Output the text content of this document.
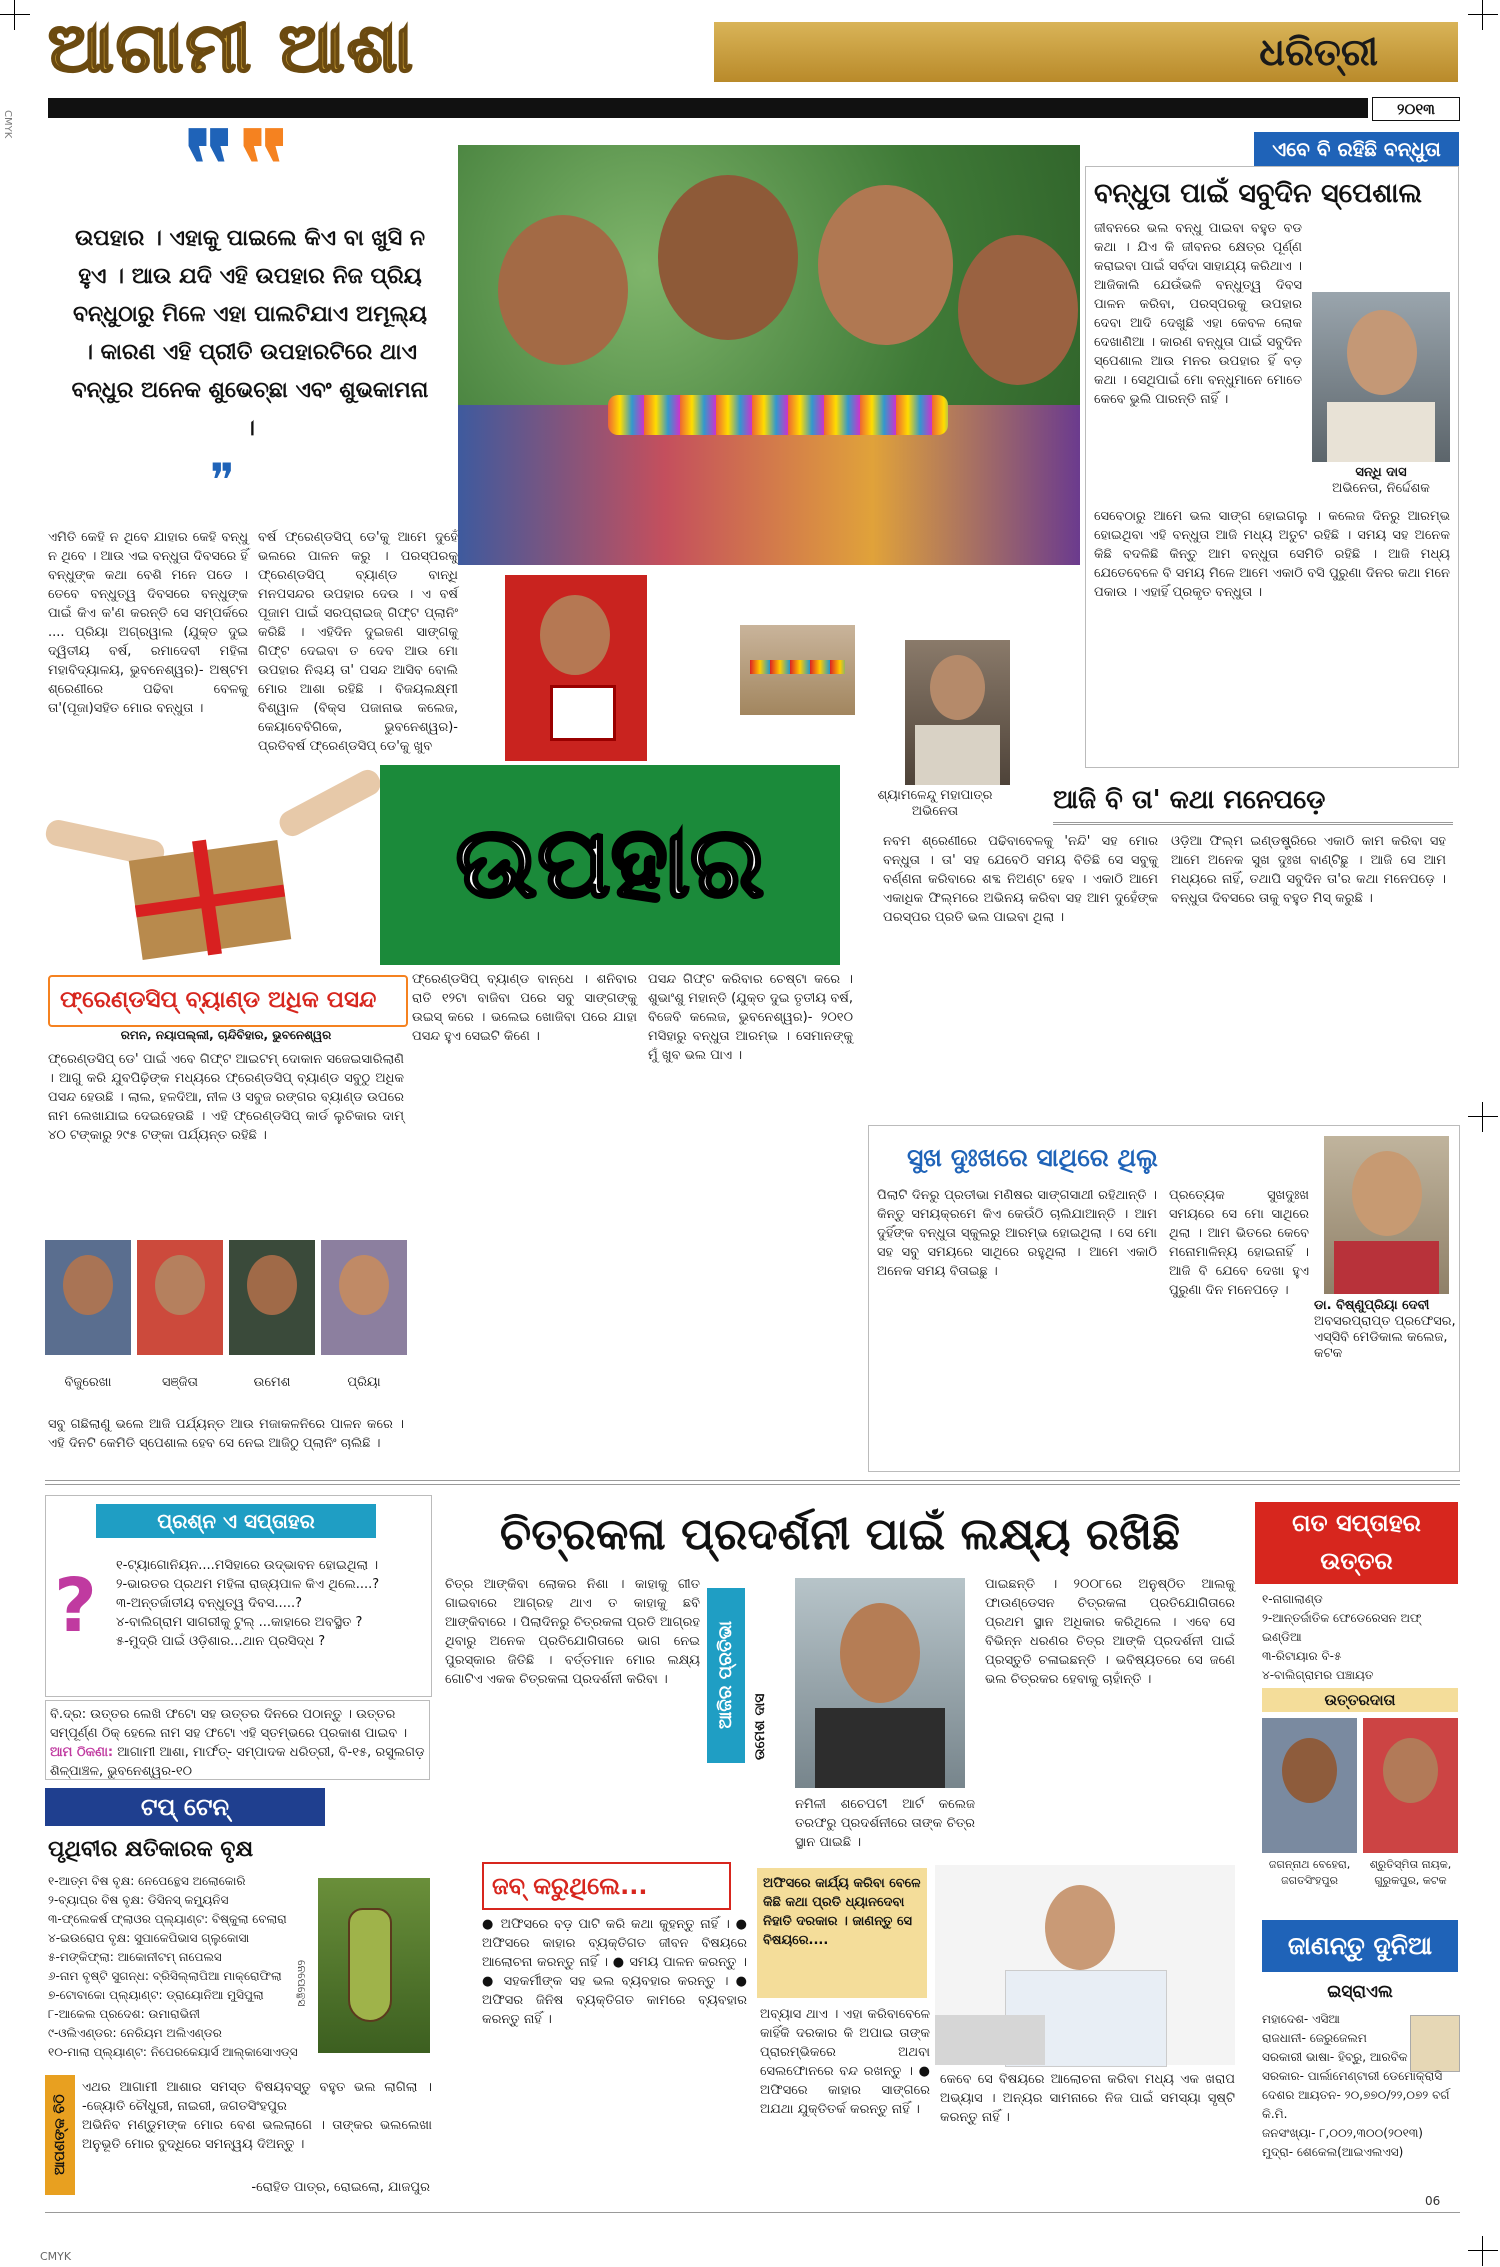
CMYK
CMYK
ଆଗାମୀ ଆଶା	ଧରିତ୍ରୀ
୨୦୧୩
❞ ❞
ଉପହାର । ଏହାକୁ ପାଇଲେ କିଏ ବା ଖୁସି ନ ହୁଏ । ଆଉ ଯଦି ଏହି ଉପହାର ନିଜ ପ୍ରିୟ ବନ୍ଧୁଠାରୁ ମିଳେ ଏହା ପାଲଟିଯାଏ ଅମୂଲ୍ୟ । କାରଣ ଏହି ପ୍ରୀତି ଉପହାରଟିରେ ଥାଏ ବନ୍ଧୁର ଅନେକ ଶୁଭେଚ୍ଛା ଏବଂ ଶୁଭକାମନା ।
❞
ଏମିତି କେହି ନ ଥିବେ ଯାହାର କେହି ବନ୍ଧୁ ନ ଥିବେ । ଆଉ ଏଇ ବନ୍ଧୁତା ଦିବସରେ ହିଁ ବନ୍ଧୁଙ୍କ କଥା ବେଶି ମନେ ପଡେ । ତେବେ ବନ୍ଧୁତ୍ୱ ଦିବସରେ ବନ୍ଧୁଙ୍କ ପାଇଁ କିଏ କ'ଣ କରନ୍ତି ସେ ସମ୍ପର୍କରେ .... ପ୍ରିୟା ଅଗ୍ରୱାଲ (ଯୁକ୍ତ ଦୁଇ ଦ୍ୱିତୀୟ ବର୍ଷ, ରମାଦେବୀ ମହିଳା ମହାବିଦ୍ୟାଳୟ, ଭୁବନେଶ୍ୱର)- ଅଷ୍ଟମ ଶ୍ରେଣୀରେ ପଢିବା ବେଳକୁ ତା'(ପୂଜା)ସହିତ ମୋର ବନ୍ଧୁତା ।
ବର୍ଷ ଫ୍ରେଣ୍ଡସିପ୍ ଡେ'କୁ ଆମେ ଦୁହେଁ ଭଲରେ ପାଳନ କରୁ । ପରସ୍ପରକୁ ଫ୍ରେଣ୍ଡସିପ୍ ବ୍ୟାଣ୍ଡ ବାନ୍ଧି ମନପସନ୍ଦର ଉପହାର ଦେଉ । ଏ ବର୍ଷ ପୂଜାମ ପାଇଁ ସରପ୍ରାଇଜ୍ ଗିଫ୍ଟ ପ୍ଲାନିଂ କରିଛି । ଏହିଦିନ ଦୁଇଜଣ ସାଙ୍ଗକୁ ଗିଫ୍ଟ ଦେଇବା ତ ଦେବ ଆଉ ମୋ ଉପହାର ନିଶ୍ଚୟ ତା' ପସନ୍ଦ ଆସିବ ବୋଲି ମୋର ଆଶା ରହିଛି । ବିଜୟଲକ୍ଷ୍ମୀ ବିଶ୍ୱାଳ (ବିକ୍ସ ପଜାନାଭ କଲେଜ, କେୟାବେବିଗିକେ, ଭୁବନେଶ୍ୱର)- ପ୍ରତିବର୍ଷ ଫ୍ରେଣ୍ଡସିପ୍ ଡେ'କୁ ଖୁବ
ଶ୍ୟାମଳେନ୍ଦୁ ମହାପାତ୍ର
ଅଭିନେତା
ଉପହାର
ଏବେ ବି ରହିଛି ବନ୍ଧୁତା
ବନ୍ଧୁତା ପାଇଁ ସବୁଦିନ ସ୍ପେଶାଲ
ଜୀବନରେ ଭଲ ବନ୍ଧୁ ପାଇବା ବହୁତ ବଡ କଥା । ଯିଏ କି ଜୀବନର କ୍ଷେତ୍ର ପୂର୍ଣ୍ଣ କରାଇବା ପାଇଁ ସର୍ବଦା ସାହାଯ୍ୟ କରିଥାଏ । ଆଜିକାଲି ଯେଉଁଭଳି ବନ୍ଧୁତ୍ୱ ଦିବସ ପାଳନ କରିବା, ପରସ୍ପରକୁ ଉପହାର ଦେବା ଆଦି ଦେଖୁଛି ଏହା କେବଳ ଲୋକ ଦେଖାଣିଆ । କାରଣ ବନ୍ଧୁତା ପାଇଁ ସବୁଦିନ ସ୍ପେଶାଲ ଆଉ ମନର ଉପହାର ହିଁ ବଡ଼ କଥା । ସେଥିପାଇଁ ମୋ ବନ୍ଧୁମାନେ ମୋତେ କେବେ ଭୁଲି ପାରନ୍ତି ନାହିଁ ।
ସନ୍ଧି ଦାସ
ଅଭିନେତା, ନିର୍ଦ୍ଦେଶକ
ସେବେଠାରୁ ଆମେ ଭଲ ସାଙ୍ଗ ହୋଇଗଲୁ । କଲେଜ ଦିନରୁ ଆରମ୍ଭ ହୋଇଥିବା ଏହି ବନ୍ଧୁତା ଆଜି ମଧ୍ୟ ଅତୁଟ ରହିଛି । ସମୟ ସହ ଅନେକ କିଛି ବଦଳିଛି କିନ୍ତୁ ଆମ ବନ୍ଧୁତା ସେମିତି ରହିଛି । ଆଜି ମଧ୍ୟ ଯେତେବେଳେ ବି ସମୟ ମିଳେ ଆମେ ଏକାଠି ବସି ପୁରୁଣା ଦିନର କଥା ମନେ ପକାଉ । ଏହାହିଁ ପ୍ରକୃତ ବନ୍ଧୁତା ।
ଆଜି ବି ତା' କଥା ମନେପଡ଼େ
ନବମ ଶ୍ରେଣୀରେ ପଢିବାବେଳକୁ 'ନନ୍ଦି' ସହ ମୋର ବନ୍ଧୁତା । ତା' ସହ ଯେବେଠି ସମୟ ବିତିଛି ସେ ସବୁକୁ ବର୍ଣ୍ଣନା କରିବାରେ ଶବ୍ଦ ନିଅଣ୍ଟ ହେବ । ଏକାଠି ଆମେ ଏକାଧିକ ଫିଲ୍ମରେ ଅଭିନୟ କରିବା ସହ ଆମ ଦୁହେଁଙ୍କ ପରସ୍ପର ପ୍ରତି ଭଲ ପାଇବା ଥିଲା ।
ଓଡ଼ିଆ ଫିଲ୍ମ ଇଣ୍ଡଷ୍ଟ୍ରିରେ ଏକାଠି କାମ କରିବା ସହ ଆମେ ଅନେକ ସୁଖ ଦୁଃଖ ବାଣ୍ଟିଛୁ । ଆଜି ସେ ଆମ ମଧ୍ୟରେ ନାହିଁ, ତଥାପି ସବୁଦିନ ତା'ର କଥା ମନେପଡ଼େ । ବନ୍ଧୁତା ଦିବସରେ ତାକୁ ବହୁତ ମିସ୍ କରୁଛି ।
ସୁଖ ଦୁଃଖରେ ସାଥିରେ ଥିଲୁ
ପିଲାଟି ଦିନରୁ ପ୍ରତୀଭା ମଣିଷର ସାଙ୍ଗସାଥୀ ରହିଥାନ୍ତି । କିନ୍ତୁ ସମୟକ୍ରମେ କିଏ କେଉଁଠି ଚାଲିଯାଆନ୍ତି । ଆମ ଦୁହିଁଙ୍କ ବନ୍ଧୁତା ସ୍କୁଲରୁ ଆରମ୍ଭ ହୋଇଥିଲା । ସେ ମୋ ସହ ସବୁ ସମୟରେ ସାଥିରେ ରହୁଥିଲା । ଆମେ ଏକାଠି ଅନେକ ସମୟ ବିତାଇଛୁ ।
ପ୍ରତ୍ୟେକ ସୁଖଦୁଃଖ ସମୟରେ ସେ ମୋ ସାଥିରେ ଥିଲା । ଆମ ଭିତରେ କେବେ ମନୋମାଳିନ୍ୟ ହୋଇନାହିଁ । ଆଜି ବି ଯେବେ ଦେଖା ହୁଏ ପୁରୁଣା ଦିନ ମନେପଡ଼େ ।
ଡା. ବିଷ୍ଣୁପ୍ରିୟା ଦେବୀ
ଅବସରପ୍ରାପ୍ତ ପ୍ରଫେସର, ଏସ୍‌ସିବି ମେଡିକାଲ କଲେଜ, କଟକ
ଫ୍ରେଣ୍ଡସିପ୍ ବ୍ୟାଣ୍ଡ ଅଧିକ ପସନ୍ଦ
ରମନ, ନୟାପଲ୍ଲୀ, ଚାନ୍ଦିବିହାର, ଭୁବନେଶ୍ୱର
ଫ୍ରେଣ୍ଡସିପ୍ ଡେ' ପାଇଁ ଏବେ ଗିଫ୍ଟ ଆଇଟମ୍ ଦୋକାନ ସଜେଇସାରିଲାଣି । ଆଗୁ କରି ଯୁବପିଢ଼ିଙ୍କ ମଧ୍ୟରେ ଫ୍ରେଣ୍ଡସିପ୍ ବ୍ୟାଣ୍ଡ ସବୁଠୁ ଅଧିକ ପସନ୍ଦ ହେଉଛି । ଲାଲ, ହଳଦିଆ, ନୀଳ ଓ ସବୁଜ ରଙ୍ଗର ବ୍ୟାଣ୍ଡ ଉପରେ ନାମ ଲେଖାଯାଇ ଦେଇହେଉଛି । ଏହି ଫ୍ରେଣ୍ଡସିପ୍ କାର୍ଡ ଲୁଚିକାର ଦାମ୍ ୪୦ ଟଙ୍କାରୁ ୨୯୫ ଟଙ୍କା ପର୍ଯ୍ୟନ୍ତ ରହିଛି ।
ଫ୍ରେଣ୍ଡସିପ୍ ବ୍ୟାଣ୍ଡ ବାନ୍ଧେ । ଶନିବାର ରାତି ୧୨ଟା ବାଜିବା ପରେ ସବୁ ସାଙ୍ଗଙ୍କୁ ଉଇସ୍ କରେ । ଭଲେଇ ଖୋଜିବା ପରେ ଯାହା ପସନ୍ଦ ହୁଏ ସେଇଟି କିଣେ ।
ପସନ୍ଦ ଗିଫ୍ଟ କରିବାର ଚେଷ୍ଟା କରେ । ଶୁଭାଂଶୁ ମହାନ୍ତି (ଯୁକ୍ତ ଦୁଇ ତୃତୀୟ ବର୍ଷ, ବିଜେବି କଲେଜ, ଭୁବନେଶ୍ୱର)- ୨୦୧୦ ମସିହାରୁ ବନ୍ଧୁତା ଆରମ୍ଭ । ସେମାନଙ୍କୁ ମୁଁ ଖୁବ ଭଲ ପାଏ ।
ବିଜୁରେଖା	ସଞ୍ଜିତା	ଉମେଶ	ପ୍ରିୟା
ସବୁ ଗଛିଲାଣୁ ଭଲେ ଆଜି ପର୍ଯ୍ୟନ୍ତ ଆଉ ମଜାକଳନିରେ ପାଳନ କରେ । ଏହି ଦିନଟି କେମିତି ସ୍ପେଶାଲ ହେବ ସେ ନେଇ ଆଜିଠୁ ପ୍ଲାନିଂ ଚାଲିଛି ।
ପ୍ରଶ୍ନ ଏ ସପ୍ତାହର
? ୧-ଟ୍ୟାଗୋନିୟନ....ମସିହାରେ ଉଦ୍ଭାବନ ହୋଇଥିଲା ।
୨-ଭାରତର ପ୍ରଥମ ମହିଳା ରାଜ୍ୟପାଳ କିଏ ଥିଲେ....?
୩-ଅନ୍ତର୍ଜାତୀୟ ବନ୍ଧୁତ୍ୱ ଦିବସ.....?
୪-ବାଲିଗ୍ରାମ ସାଗରୀକୁ ଟୁଲ୍ ...କାହାରେ ଅବସ୍ଥିତ ?
୫-ମୁଦ୍ରି ପାଇଁ ଓଡ଼ିଶାର...ଥାନ ପ୍ରସିଦ୍ଧ ?
ବି.ଦ୍ର: ଉତ୍ତର ଲେଖି ଫଟୋ ସହ ଉତ୍ତର ଦିନରେ ପଠାନ୍ତୁ । ଉତ୍ତର ସମ୍ପୂର୍ଣ୍ଣ ଠିକ୍ ହେଲେ ନାମ ସହ ଫଟୋ ଏହି ସ୍ତମ୍ଭରେ ପ୍ରକାଶ ପାଇବ ।
ଆମ ଠିକଣା: ଆଗାମୀ ଆଶା, ମାର୍ଫତ୍- ସମ୍ପାଦକ ଧରିତ୍ରୀ, ବି-୧୫, ରସୁଲଗଡ଼ ଶିଳ୍ପାଞ୍ଚଳ, ଭୁବନେଶ୍ୱର-୧୦
ଟପ୍ ଟେନ୍
ପୃଥିବୀର କ୍ଷତିକାରକ ବୃକ୍ଷ
୧-ଆତ୍ମ ବିଷ ବୃକ୍ଷ: ନେପେନ୍ଥେସ ଅଲୋକୋରି
୨-ବ୍ୟାଘ୍ର ବିଷ ବୃକ୍ଷ: ଡିସିନସ୍ କମ୍ୟୁନିସ
୩-ଫ୍ଲେକର୍ଷ ଫ୍ଲାଓର ପ୍ଲ୍ୟାଣ୍ଟ: ବିଷ୍କୁଲା ବେଲାରା
୪-ଇଉରୋପ ବୃକ୍ଷ: ସୁପାକେପିଭାସ ଗ୍ଲୁକୋସା
୫-ମଙ୍କିଫ୍ଲା: ଆକୋନୀଟମ୍ ନାପେଲସ
୬-ନାମ ବୃଷ୍ଟି ସୁଗନ୍ଧ: ବ୍ରିସିଲ୍ଲାପିଆ ମାକ୍ରୋଫିଲା
୭-ଟୋବାକୋ ପ୍ଲ୍ୟାଣ୍ଟ: ଡ୍ରାୟୋନିଆ ମୁସିପୁଲା
୮-ଆକେଲ ପ୍ରଦେଶ: ଉମାରାଭିନୀ
୯-ଓଲିଏଣ୍ଡର: ନେରିୟମ ଅଲିଏଣ୍ଡର
୧୦-ମାଲା ପ୍ଲ୍ୟାଣ୍ଟ: ନିପେରକେୟାର୍ସ ଆଲ୍କାସୋଏଡ୍ସ
ନେପେନ୍ଥେସ
ଆପଣଙ୍କ ଚିଠି
ଏଥର ଆଗାମୀ ଆଶାର ସମସ୍ତ ବିଷୟବସ୍ତୁ ବହୁତ ଭଲ ଲାଗିଲା । -ଜ୍ୟୋତି ଚୌଧୁରୀ, ନାଇରୀ, ଜଗତସିଂହପୁର
ଅଭିନିବ ମଣ୍ଡୁମଙ୍କ ମୋର ବେଶ ଭଲଲାଗେ । ତାଙ୍କର ଭଲଲେଖା ଅନୁଭୂତି ମୋର ବୁଦ୍ଧିରେ ସମନ୍ୱୟ ଦିଅନ୍ତୁ ।
-ରୋହିତ ପାତ୍ର, ରୋଇଲୋ, ଯାଜପୁର
ଚିତ୍ରକଳା ପ୍ରଦର୍ଶନୀ ପାଇଁ ଲକ୍ଷ୍ୟ ରଖିଛି
ଚିତ୍ର ଆଙ୍କିବା ଲୋକର ନିଶା । କାହାକୁ ଗୀତ ଗାଇବାରେ ଆଗ୍ରହ ଥାଏ ତ କାହାକୁ ଛବି ଆଙ୍କିବାରେ । ପିଲାଦିନରୁ ଚିତ୍ରକଳା ପ୍ରତି ଆଗ୍ରହ ଥିବାରୁ ଅନେକ ପ୍ରତିଯୋଗିତାରେ ଭାଗ ନେଇ ପୁରସ୍କାର ଜିତିଛି । ବର୍ତ୍ତମାନ ମୋର ଲକ୍ଷ୍ୟ ଗୋଟିଏ ଏକକ ଚିତ୍ରକଳା ପ୍ରଦର୍ଶନୀ କରିବା ।	ଆଜିର ପ୍ରତିଭା	ଉମେଶ ଦାସ
ନମିଳୀ ଶଚେପଟୀ ଆର୍ଟ କଲେଜ ତରଫରୁ ପ୍ରଦର୍ଶନୀରେ ତାଙ୍କ ଚିତ୍ର ସ୍ଥାନ ପାଇଛି ।
ପାଇଛନ୍ତି । ୨୦୦୮ରେ ଅନୁଷ୍ଠିତ ଆଲକୁ ଫାଉଣ୍ଡେସନ ଚିତ୍ରକଳା ପ୍ରତିଯୋଗିତାରେ ପ୍ରଥମ ସ୍ଥାନ ଅଧିକାର କରିଥିଲେ । ଏବେ ସେ ବିଭିନ୍ନ ଧରଣର ଚିତ୍ର ଆଙ୍କି ପ୍ରଦର୍ଶନୀ ପାଇଁ ପ୍ରସ୍ତୁତି ଚଳାଇଛନ୍ତି । ଭବିଷ୍ୟତରେ ସେ ଜଣେ ଭଲ ଚିତ୍ରକର ହେବାକୁ ଚାହାଁନ୍ତି ।
ଜବ୍ କରୁଥିଲେ...	ଅଫିସରେ କାର୍ଯ୍ୟ କରିବା ବେଳେ କିଛି କଥା ପ୍ରତି ଧ୍ୟାନଦେବା ନିହାତି ଦରକାର । ଜାଣନ୍ତୁ ସେ ବିଷୟରେ....
● ଅଫିସରେ ବଡ଼ ପାଟି କରି କଥା କୁହନ୍ତୁ ନାହିଁ । ● ଅଫିସରେ କାହାର ବ୍ୟକ୍ତିଗତ ଜୀବନ ବିଷୟରେ ଆଲୋଚନା କରନ୍ତୁ ନାହିଁ । ● ସମୟ ପାଳନ କରନ୍ତୁ । ● ସହକର୍ମୀଙ୍କ ସହ ଭଲ ବ୍ୟବହାର କରନ୍ତୁ । ● ଅଫିସର ଜିନିଷ ବ୍ୟକ୍ତିଗତ କାମରେ ବ୍ୟବହାର କରନ୍ତୁ ନାହିଁ ।	ଅବ୍ୟାସ ଥାଏ । ଏହା କରିବାବେଳେ କାହିଁକି ଦରକାର କି ଅପାଇ ତାଙ୍କ ପ୍ରାରମ୍ଭିକରେ ଅଥବା ସେଲଫୋନରେ ବନ୍ଦ ରଖନ୍ତୁ । ● ଅଫିସରେ କାହାର ସାଙ୍ଗରେ ଅଯଥା ଯୁକ୍ତିତର୍କ କରନ୍ତୁ ନାହିଁ ।
କେବେ ସେ ବିଷୟରେ ଆଲୋଚନା କରିବା ମଧ୍ୟ ଏକ ଖରାପ ଅଭ୍ୟାସ । ଅନ୍ୟର ସାମନାରେ ନିଜ ପାଇଁ ସମସ୍ୟା ସୃଷ୍ଟି କରନ୍ତୁ ନାହିଁ ।
ଗତ ସପ୍ତାହର ଉତ୍ତର
୧-ନାଗାଲାଣ୍ଡ
୨-ଆନ୍ତର୍ଜାତିକ ଫେଡେରେସନ ଅଫ୍ ଇଣ୍ଡିଆ
୩-ରିଟାୟାର ବି-୫
୪-ବାଲିଗ୍ରାମର ପଞ୍ଚାୟତ
ଉତ୍ତରଦାତା
ଜଗନ୍ନାଥ ବେହେରା, ଜଗତସିଂହପୁର
ଶ୍ରୁତିସ୍ମିତା ନାୟକ, ଗୁରୁକପୁର, କଟକ
ଜାଣନ୍ତୁ ଦୁନିଆ
ଇସ୍ରାଏଲ
ମହାଦେଶ- ଏସିଆ
ରାଜଧାନୀ- ଜେରୁଜେଲମ
ସରକାରୀ ଭାଷା- ହିବ୍ରୁ, ଆରବିକ
ସରକାର- ପାର୍ଲାମେଣ୍ଟାରୀ ଡେମୋକ୍ରାସି
ଦେଶର ଆୟତନ- ୨୦,୭୭୦/୨୨,୦୭୨ ବର୍ଗ କି.ମି.
ଜନସଂଖ୍ୟା- ୮,୦୦୨,୩୦୦(୨୦୧୩)
ମୁଦ୍ରା- ଶେକେଲ(ଆଇଏଲଏସ)
06
